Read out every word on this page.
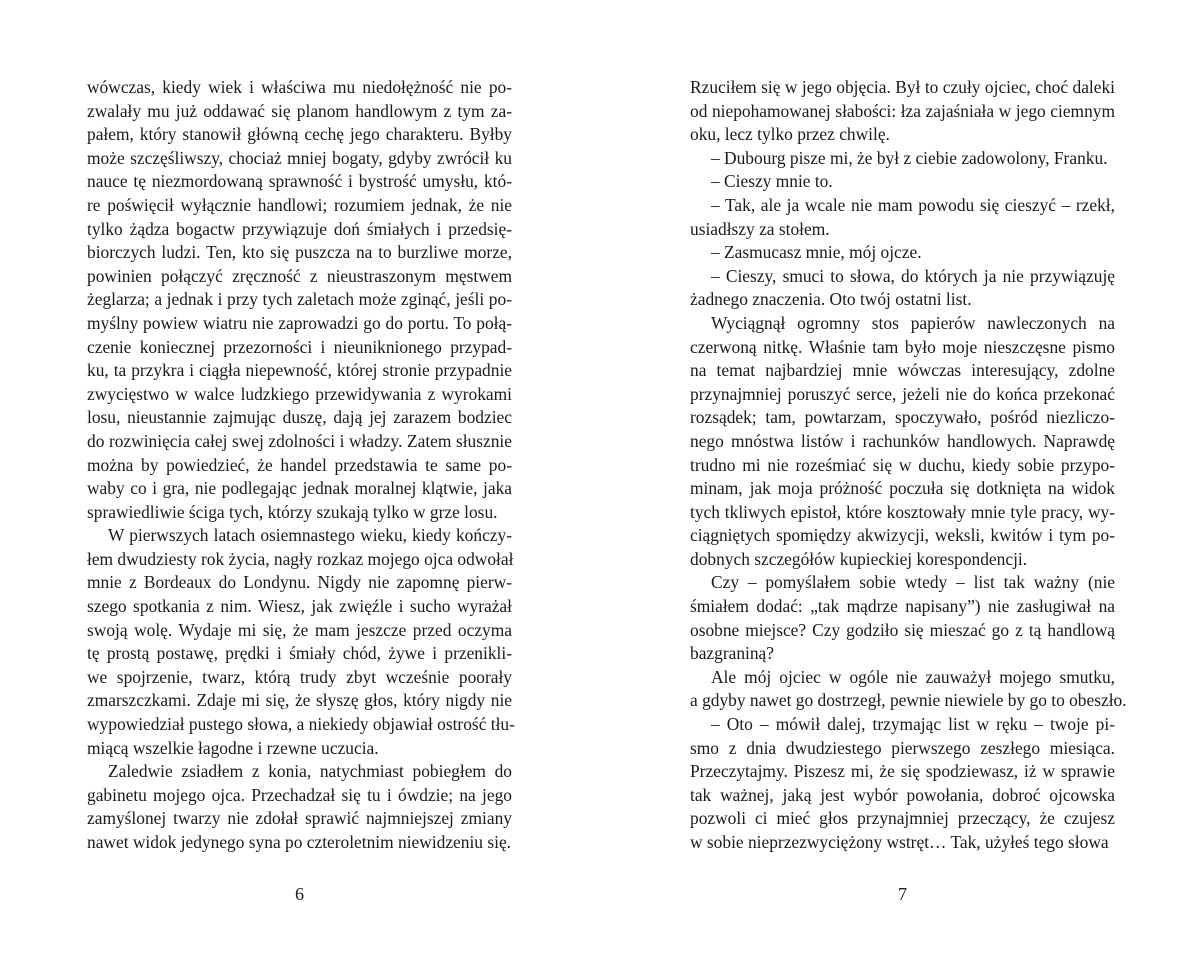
wówczas, kiedy wiek i właściwa mu niedołężność nie po-
zwalały mu już oddawać się planom handlowym z tym za-
pałem, który stanowił główną cechę jego charakteru. Byłby
może szczęśliwszy, chociaż mniej bogaty, gdyby zwrócił ku
nauce tę niezmordowaną sprawność i bystrość umysłu, któ-
re poświęcił wyłącznie handlowi; rozumiem jednak, że nie
tylko żądza bogactw przywiązuje doń śmiałych i przedsię-
biorczych ludzi. Ten, kto się puszcza na to burzliwe morze,
powinien połączyć zręczność z nieustraszonym męstwem
żeglarza; a jednak i przy tych zaletach może zginąć, jeśli po-
myślny powiew wiatru nie zaprowadzi go do portu. To połą-
czenie koniecznej przezorności i nieuniknionego przypad-
ku, ta przykra i ciągła niepewność, której stronie przypadnie
zwycięstwo w walce ludzkiego przewidywania z wyrokami
losu, nieustannie zajmując duszę, dają jej zarazem bodziec
do rozwinięcia całej swej zdolności i władzy. Zatem słusznie
można by powiedzieć, że handel przedstawia te same po-
waby co i gra, nie podlegając jednak moralnej klątwie, jaka
sprawiedliwie ściga tych, którzy szukają tylko w grze losu.
W pierwszych latach osiemnastego wieku, kiedy kończy-
łem dwudziesty rok życia, nagły rozkaz mojego ojca odwołał
mnie z Bordeaux do Londynu. Nigdy nie zapomnę pierw-
szego spotkania z nim. Wiesz, jak zwięźle i sucho wyrażał
swoją wolę. Wydaje mi się, że mam jeszcze przed oczyma
tę prostą postawę, prędki i śmiały chód, żywe i przenikli-
we spojrzenie, twarz, którą trudy zbyt wcześnie poorały
zmarszczkami. Zdaje mi się, że słyszę głos, który nigdy nie
wypowiedział pustego słowa, a niekiedy objawiał ostrość tłu-
miącą wszelkie łagodne i rzewne uczucia.
Zaledwie zsiadłem z konia, natychmiast pobiegłem do
gabinetu mojego ojca. Przechadzał się tu i ówdzie; na jego
zamyślonej twarzy nie zdołał sprawić najmniejszej zmiany
nawet widok jedynego syna po czteroletnim niewidzeniu się.
6
Rzuciłem się w jego objęcia. Był to czuły ojciec, choć daleki
od niepohamowanej słabości: łza zajaśniała w jego ciemnym
oku, lecz tylko przez chwilę.
– Dubourg pisze mi, że był z ciebie zadowolony, Franku.
– Cieszy mnie to.
– Tak, ale ja wcale nie mam powodu się cieszyć – rzekł,
usiadłszy za stołem.
– Zasmucasz mnie, mój ojcze.
– Cieszy, smuci to słowa, do których ja nie przywiązuję
żadnego znaczenia. Oto twój ostatni list.
Wyciągnął ogromny stos papierów nawleczonych na
czerwoną nitkę. Właśnie tam było moje nieszczęsne pismo
na temat najbardziej mnie wówczas interesujący, zdolne
przynajmniej poruszyć serce, jeżeli nie do końca przekonać
rozsądek; tam, powtarzam, spoczywało, pośród niezliczo-
nego mnóstwa listów i rachunków handlowych. Naprawdę
trudno mi nie roześmiać się w duchu, kiedy sobie przypo-
minam, jak moja próżność poczuła się dotknięta na widok
tych tkliwych epistoł, które kosztowały mnie tyle pracy, wy-
ciągniętych spomiędzy akwizycji, weksli, kwitów i tym po-
dobnych szczegółów kupieckiej korespondencji.
Czy – pomyślałem sobie wtedy – list tak ważny (nie
śmiałem dodać: „tak mądrze napisany”) nie zasługiwał na
osobne miejsce? Czy godziło się mieszać go z tą handlową
bazgraniną?
Ale mój ojciec w ogóle nie zauważył mojego smutku,
a gdyby nawet go dostrzegł, pewnie niewiele by go to obeszło.
– Oto – mówił dalej, trzymając list w ręku – twoje pi-
smo z dnia dwudziestego pierwszego zeszłego miesiąca.
Przeczytajmy. Piszesz mi, że się spodziewasz, iż w sprawie
tak ważnej, jaką jest wybór powołania, dobroć ojcowska
pozwoli ci mieć głos przynajmniej przeczący, że czujesz
w sobie nieprzezwyciężony wstręt… Tak, użyłeś tego słowa
7
